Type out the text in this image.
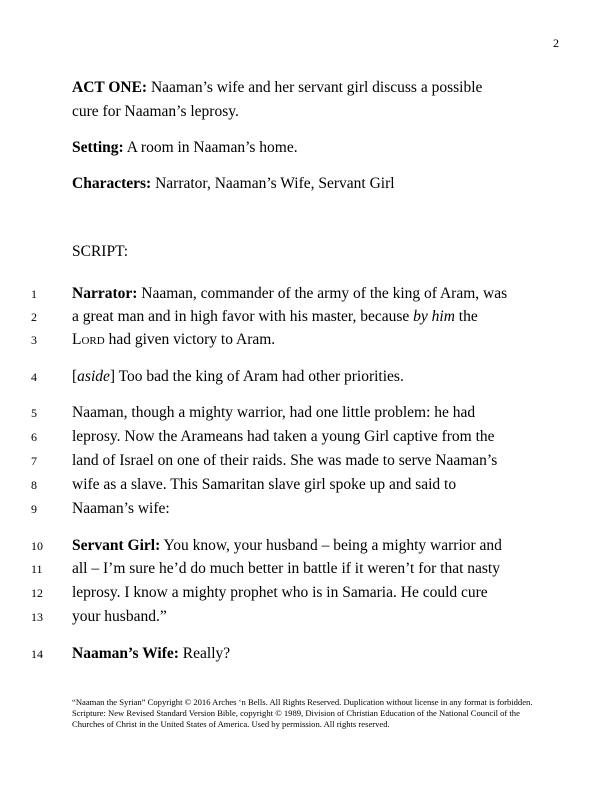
2
ACT ONE: Naaman’s wife and her servant girl discuss a possible
cure for Naaman’s leprosy.
Setting: A room in Naaman’s home.
Characters: Narrator, Naaman’s Wife, Servant Girl
SCRIPT:
1	Narrator: Naaman, commander of the army of the king of Aram, was
2	a great man and in high favor with his master, because by him the
3	Lord had given victory to Aram.
4	[aside] Too bad the king of Aram had other priorities.
5	Naaman, though a mighty warrior, had one little problem: he had
6	leprosy. Now the Arameans had taken a young Girl captive from the
7	land of Israel on one of their raids. She was made to serve Naaman’s
8	wife as a slave. This Samaritan slave girl spoke up and said to
9	Naaman’s wife:
10	Servant Girl: You know, your husband – being a mighty warrior and
11	all – I’m sure he’d do much better in battle if it weren’t for that nasty
12	leprosy. I know a mighty prophet who is in Samaria. He could cure
13	your husband.”
14	Naaman’s Wife: Really?
“Naaman the Syrian” Copyright © 2016 Arches ‘n Bells. All Rights Reserved. Duplication without license in any format is forbidden. Scripture: New Revised Standard Version Bible, copyright © 1989, Division of Christian Education of the National Council of the Churches of Christ in the United States of America. Used by permission. All rights reserved.
